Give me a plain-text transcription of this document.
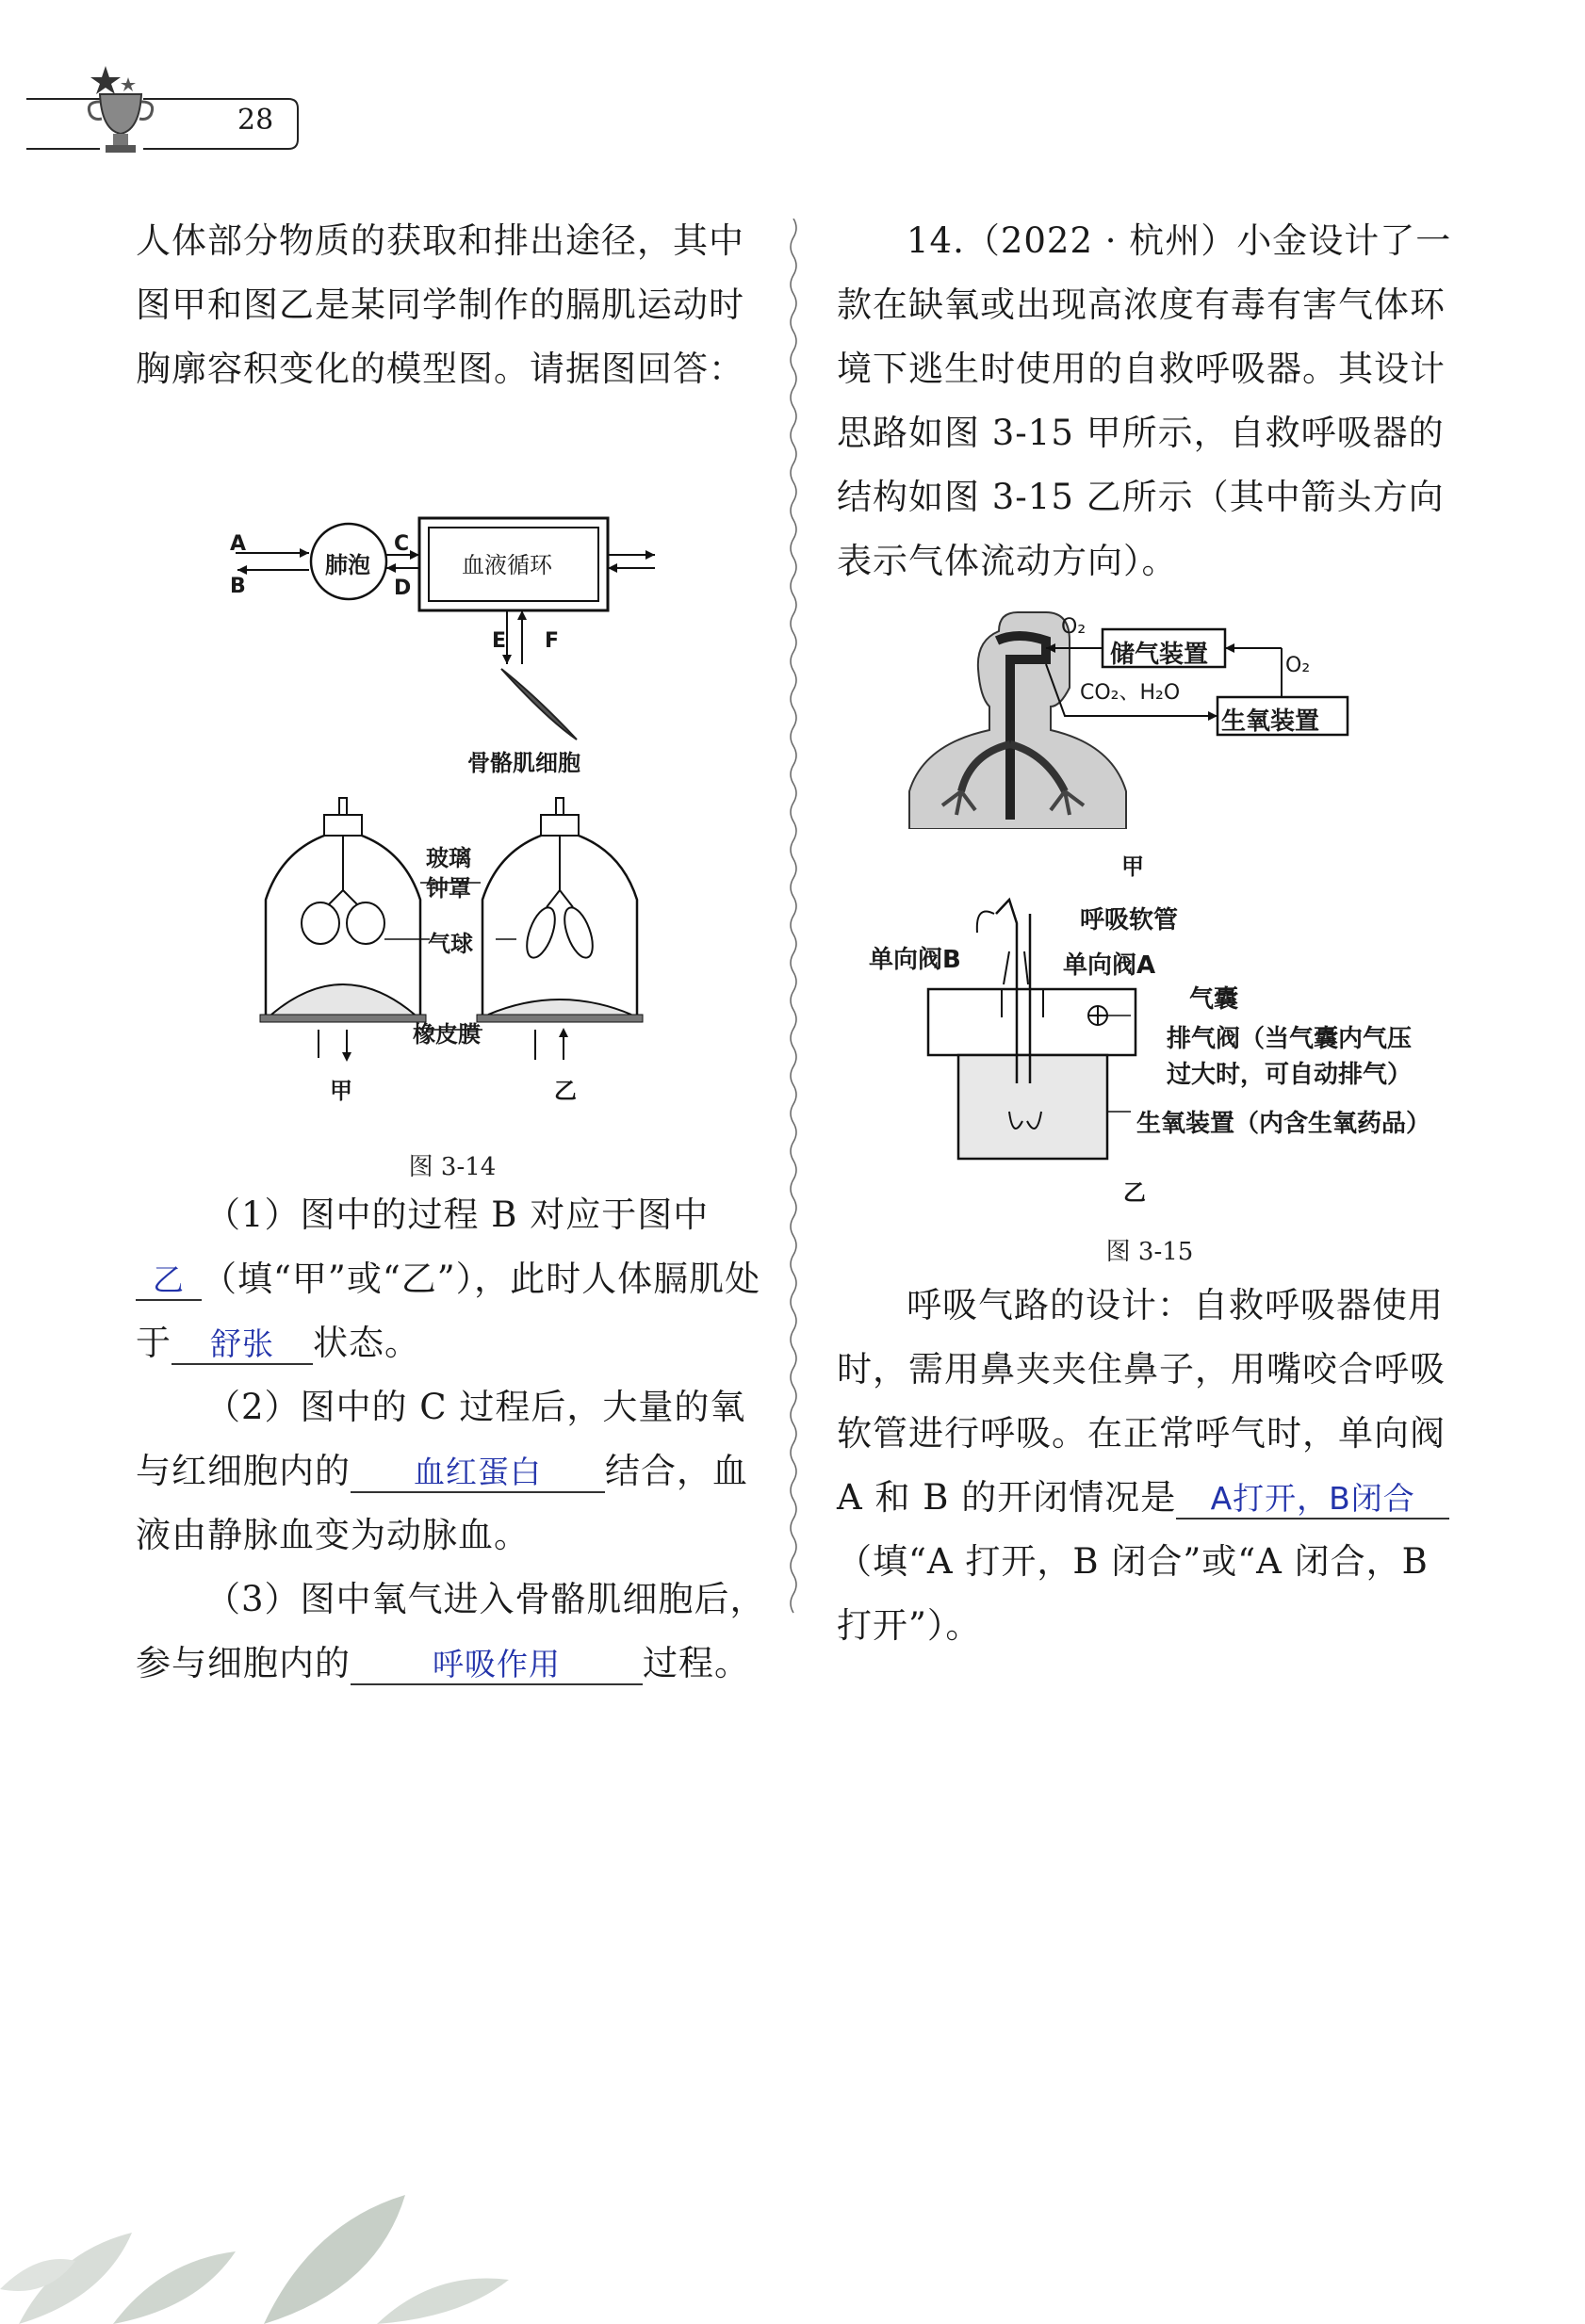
28

人体部分物质的获取和排出途径，其中图甲和图乙是某同学制作的膈肌运动时胸廓容积变化的模型图。请据图回答：

A
B
C
D
肺泡	血液循环
E F
骨骼肌细胞
玻璃
钟罩
气球
橡皮膜
甲	乙
图 3-14

（1）图中的过程 B 对应于图中乙 （填“甲”或“乙”），此时人体膈肌处于 舒张 状态。

（2）图中的 C 过程后，大量的氧与红细胞内的 血红蛋白 结合，血液由静脉血变为动脉血。

（3）图中氧气进入骨骼肌细胞后，参与细胞内的	呼吸作用 过程。

14.（2022 · 杭州）小金设计了一款在缺氧或出现高浓度有毒有害气体环境下逃生时使用的自救呼吸器。其设计思路如图 3-15 甲所示，自救呼吸器的结构如图 3-15 乙所示（其中箭头方向表示气体流动方向）。

O₂
储气装置	O₂
CO₂、H₂O
生氧装置
甲
呼吸软管
单向阀B	单向阀A
气囊
排气阀（当气囊内气压
过大时，可自动排气）
生氧装置（内含生氧药品）
乙
图 3-15

呼吸气路的设计：自救呼吸器使用时，需用鼻夹夹住鼻子，用嘴咬合呼吸软管进行呼吸。在正常呼气时，单向阀 A 和 B 的开闭情况是 A打开，B闭合（填“A 打开，B 闭合”或“A 闭合，B 打开”）。
